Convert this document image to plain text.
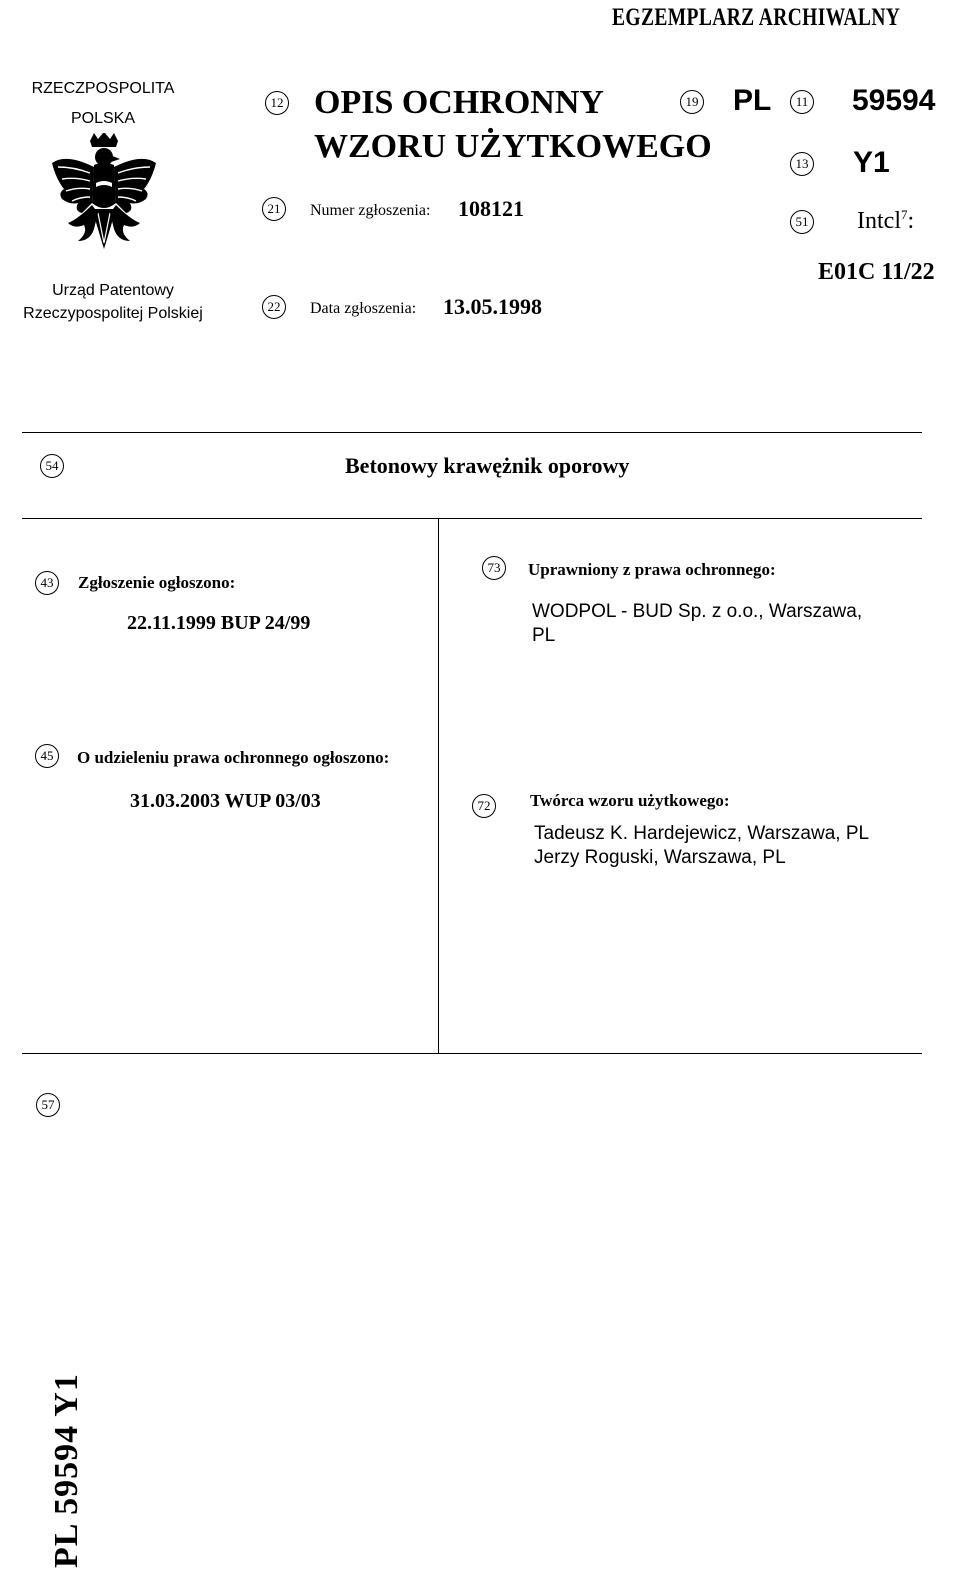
EGZEMPLARZ ARCHIWALNY
RZECZPOSPOLITA
POLSKA
Urząd Patentowy
Rzeczypospolitej Polskiej
12 OPIS OCHRONNY
WZORU UŻYTKOWEGO
19 PL	11 59594
13 Y1
21	Numer zgłoszenia: 108121
51 Intcl$^7$:
E01C 11/22
22	Data zgłoszenia: 13.05.1998
54	Betonowy krawężnik oporowy
43	Zgłoszenie ogłoszono:
22.11.1999 BUP 24/99
73	Uprawniony z prawa ochronnego:
WODPOL - BUD Sp. z o.o., Warszawa,
PL
45	O udzieleniu prawa ochronnego ogłoszono:
31.03.2003 WUP 03/03	72	Twórca wzoru użytkowego:
Tadeusz K. Hardejewicz, Warszawa, PL
Jerzy Roguski, Warszawa, PL
57
PL 59594 Y1
